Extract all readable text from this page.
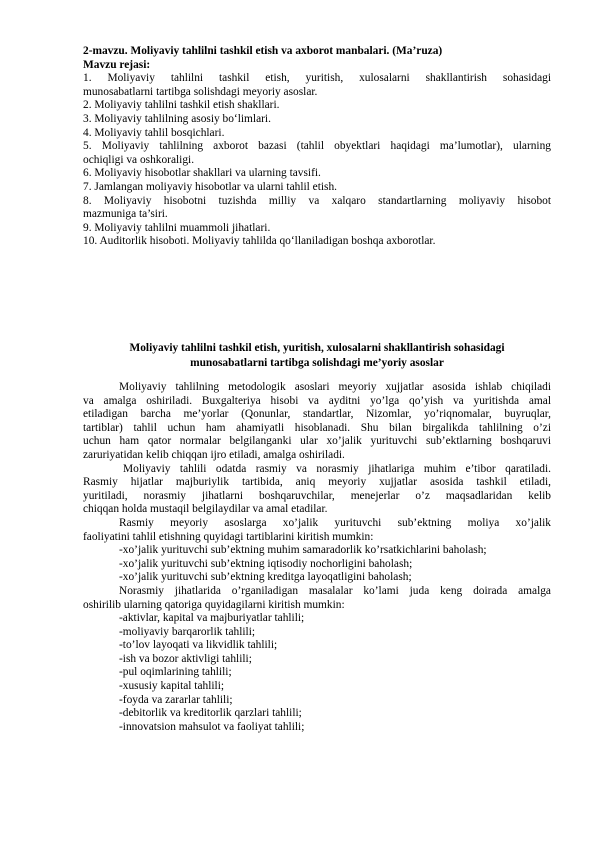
2-mavzu. Moliyaviy tahlilni tashkil etish va axborot manbalari. (Ma’ruza)
Mavzu rejasi:
1. Moliyaviy tahlilni tashkil etish, yuritish, xulosalarni shakllantirish sohasidagi
munosabatlarni tartibga solishdagi meyoriy asoslar.
2. Moliyaviy tahlilni tashkil etish shakllari.
3. Moliyaviy tahlilning asosiy bo‘limlari.
4. Moliyaviy tahlil bosqichlari.
5. Moliyaviy tahlilning axborot bazasi (tahlil obyektlari haqidagi ma’lumotlar), ularning
ochiqligi va oshkoraligi.
6. Moliyaviy hisobotlar shakllari va ularning tavsifi.
7. Jamlangan moliyaviy hisobotlar va ularni tahlil etish.
8. Moliyaviy hisobotni tuzishda milliy va xalqaro standartlarning moliyaviy hisobot
mazmuniga ta’siri.
9. Moliyaviy tahlilni muammoli jihatlari.
10. Auditorlik hisoboti. Moliyaviy tahlilda qo‘llaniladigan boshqa axborotlar.
Moliyaviy tahlilni tashkil etish, yuritish, xulosalarni shakllantirish sohasidagi
munosabatlarni tartibga solishdagi me’yoriy asoslar
Moliyaviy tahlilning metodologik asoslari meyoriy xujjatlar asosida ishlab chiqiladi
va amalga oshiriladi. Buxgalteriya hisobi va ayditni yo’lga qo’yish va yuritishda amal
etiladigan barcha me’yorlar (Qonunlar, standartlar, Nizomlar, yo’riqnomalar, buyruqlar,
tartiblar) tahlil uchun ham ahamiyatli hisoblanadi. Shu bilan birgalikda tahlilning o’zi
uchun ham qator normalar belgilanganki ular xo’jalik yurituvchi sub’ektlarning boshqaruvi
zaruriyatidan kelib chiqqan ijro etiladi, amalga oshiriladi.
Moliyaviy tahlili odatda rasmiy va norasmiy jihatlariga muhim e’tibor qaratiladi.
Rasmiy hijatlar majburiylik tartibida, aniq meyoriy xujjatlar asosida tashkil etiladi,
yuritiladi, norasmiy jihatlarni boshqaruvchilar, menejerlar o’z maqsadlaridan kelib
chiqqan holda mustaqil belgilaydilar va amal etadilar.
Rasmiy meyoriy asoslarga xo’jalik yurituvchi sub’ektning moliya xo’jalik
faoliyatini tahlil etishning quyidagi tartiblarini kiritish mumkin:
-xo’jalik yurituvchi sub’ektning muhim samaradorlik ko’rsatkichlarini baholash;
-xo’jalik yurituvchi sub’ektning iqtisodiy nochorligini baholash;
-xo’jalik yurituvchi sub’ektning kreditga layoqatligini baholash;
Norasmiy jihatlarida o’rganiladigan masalalar ko’lami juda keng doirada amalga
oshirilib ularning qatoriga quyidagilarni kiritish mumkin:
-aktivlar, kapital va majburiyatlar tahlili;
-moliyaviy barqarorlik tahlili;
-to’lov layoqati va likvidlik tahlili;
-ish va bozor aktivligi tahlili;
-pul oqimlarining tahlili;
-xususiy kapital tahlili;
-foyda va zararlar tahlili;
-debitorlik va kreditorlik qarzlari tahlili;
-innovatsion mahsulot va faoliyat tahlili;
